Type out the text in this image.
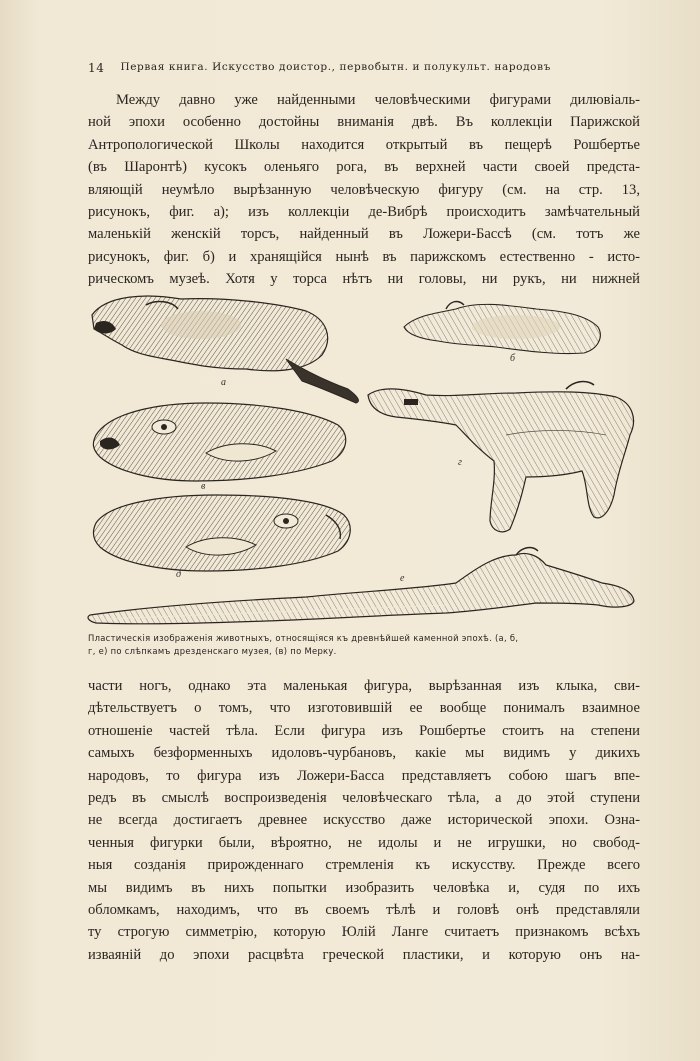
14 Первая книга. Искусство доистор., первобытн. и полукульт. народовъ
Между давно уже найденными человѣческими фигурами дилювіаль-
ной эпохи особенно достойны вниманія двѣ. Въ коллекціи Парижской
Антропологической Школы находится открытый въ пещерѣ Рошбертье
(въ Шаронтѣ) кусокъ оленьяго рога, въ верхней части своей предста-
вляющій неумѣло вырѣзанную человѣческую фигуру (см. на стр. 13,
рисунокъ, фиг. а); изъ коллекціи де-Вибрѣ происходитъ замѣчательный
маленькій женскій торсъ, найденный въ Ложери-Бассѣ (см. тотъ же
рисунокъ, фиг. б) и хранящійся нынѣ въ парижскомъ естественно - исто-
рическомъ музеѣ. Хотя у торса нѣтъ ни головы, ни рукъ, ни нижней
а
б
в
г
д	е
Пластическія изображенія животныхъ, относящіяся къ древнѣйшей каменной эпохѣ. (а, б,
г, е) по слѣпкамъ дрезденскаго музея, (в) по Мерку.
части ногъ, однако эта маленькая фигура, вырѣзанная изъ клыка, сви-
дѣтельствуетъ о томъ, что изготовившій ее вообще понималъ взаимное
отношеніе частей тѣла. Если фигура изъ Рошбертье стоитъ на степени
самыхъ безформенныхъ идоловъ-чурбановъ, какіе мы видимъ у дикихъ
народовъ, то фигура изъ Ложери-Басса представляетъ собою шагъ впе-
редъ въ смыслѣ воспроизведенія человѣческаго тѣла, а до этой ступени
не всегда достигаетъ древнее искусство даже исторической эпохи. Озна-
ченныя фигурки были, вѣроятно, не идолы и не игрушки, но свобод-
ныя созданія прирожденнаго стремленія къ искусству. Прежде всего
мы видимъ въ нихъ попытки изобразить человѣка и, судя по ихъ
обломкамъ, находимъ, что въ своемъ тѣлѣ и головѣ онѣ представляли
ту строгую симметрію, которую Юлій Ланге считаетъ признакомъ всѣхъ
изваяній до эпохи расцвѣта греческой пластики, и которую онъ на-
